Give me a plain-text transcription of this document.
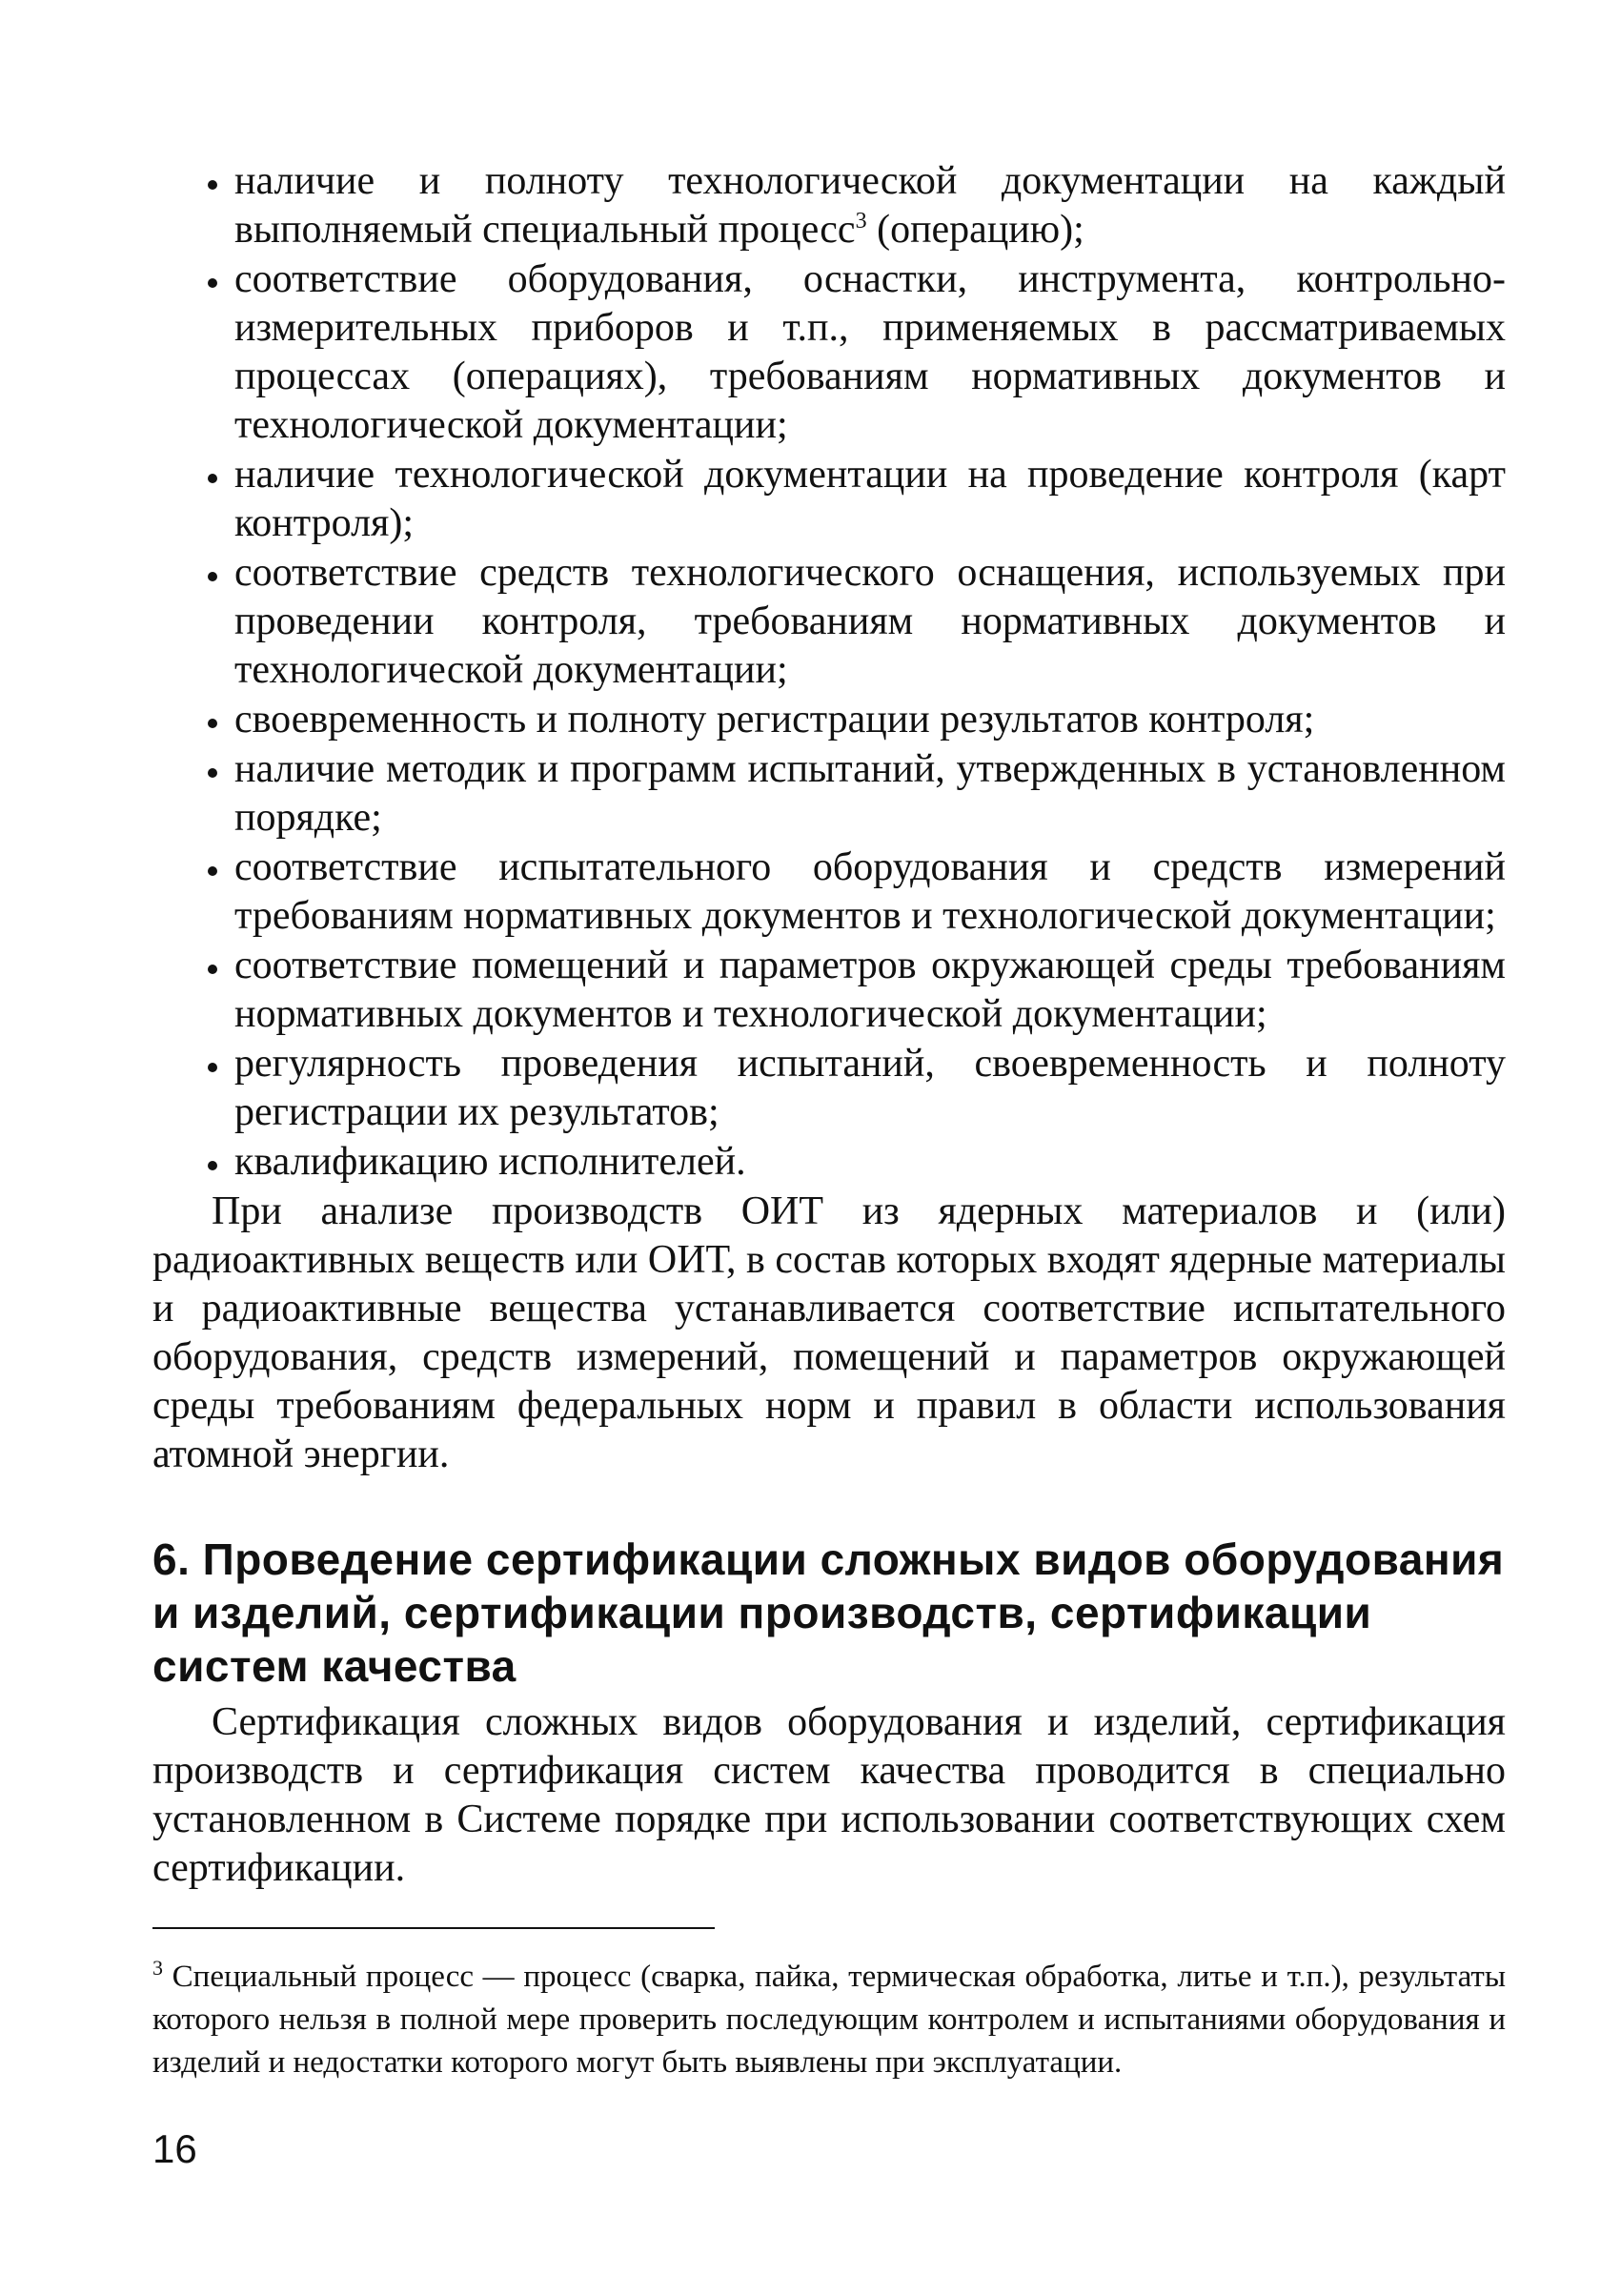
наличие и полноту технологической документации на каждый выполняемый специальный процесс$^3$ (операцию);
соответствие оборудования, оснастки, инструмента, контрольно-измерительных приборов и т.п., применяемых в рассматриваемых процессах (операциях), требованиям нормативных документов и технологической документации;
наличие технологической документации на проведение контроля (карт контроля);
соответствие средств технологического оснащения, используемых при проведении контроля, требованиям нормативных документов и технологической документации;
своевременность и полноту регистрации результатов контроля;
наличие методик и программ испытаний, утвержденных в установленном порядке;
соответствие испытательного оборудования и средств измерений требованиям нормативных документов и технологической документации;
соответствие помещений и параметров окружающей среды требованиям нормативных документов и технологической документации;
регулярность проведения испытаний, своевременность и полноту регистрации их результатов;
квалификацию исполнителей.

При анализе производств ОИТ из ядерных материалов и (или) радиоактивных веществ или ОИТ, в состав которых входят ядерные материалы и радиоактивные вещества устанавливается соответствие испытательного оборудования, средств измерений, помещений и параметров окружающей среды требованиям федеральных норм и правил в области использования атомной энергии.

6. Проведение сертификации сложных видов оборудования и изделий, сертификации производств, сертификации систем качества

Сертификация сложных видов оборудования и изделий, сертификация производств и сертификация систем качества проводится в специально установленном в Системе порядке при использовании соответствующих схем сертификации.

$^3$ Специальный процесс — процесс (сварка, пайка, термическая обработка, литье и т.п.), результаты которого нельзя в полной мере проверить последующим контролем и испытаниями оборудования и изделий и недостатки которого могут быть выявлены при эксплуатации.

16
